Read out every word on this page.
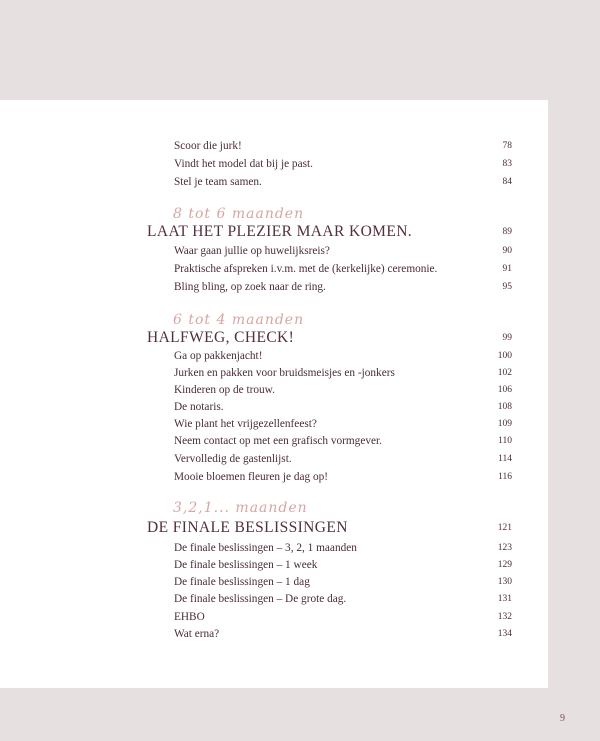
Scoor die jurk!	78
Vindt het model dat bij je past.	83
Stel je team samen.	84
8 tot 6 maanden
LAAT HET PLEZIER MAAR KOMEN.	89
Waar gaan jullie op huwelijksreis?	90
Praktische afspreken i.v.m. met de (kerkelijke) ceremonie.	91
Bling bling, op zoek naar de ring.	95
6 tot 4 maanden
HALFWEG, CHECK!	99
Ga op pakkenjacht!	100
Jurken en pakken voor bruidsmeisjes en -jonkers	102
Kinderen op de trouw.	106
De notaris.	108
Wie plant het vrijgezellenfeest?	109
Neem contact op met een grafisch vormgever.	110
Vervolledig de gastenlijst.	114
Mooie bloemen fleuren je dag op!	116
3,2,1... maanden
DE FINALE BESLISSINGEN	121
De finale beslissingen – 3, 2, 1 maanden	123
De finale beslissingen – 1 week	129
De finale beslissingen – 1 dag	130
De finale beslissingen – De grote dag.	131
EHBO	132
Wat erna?	134
9
